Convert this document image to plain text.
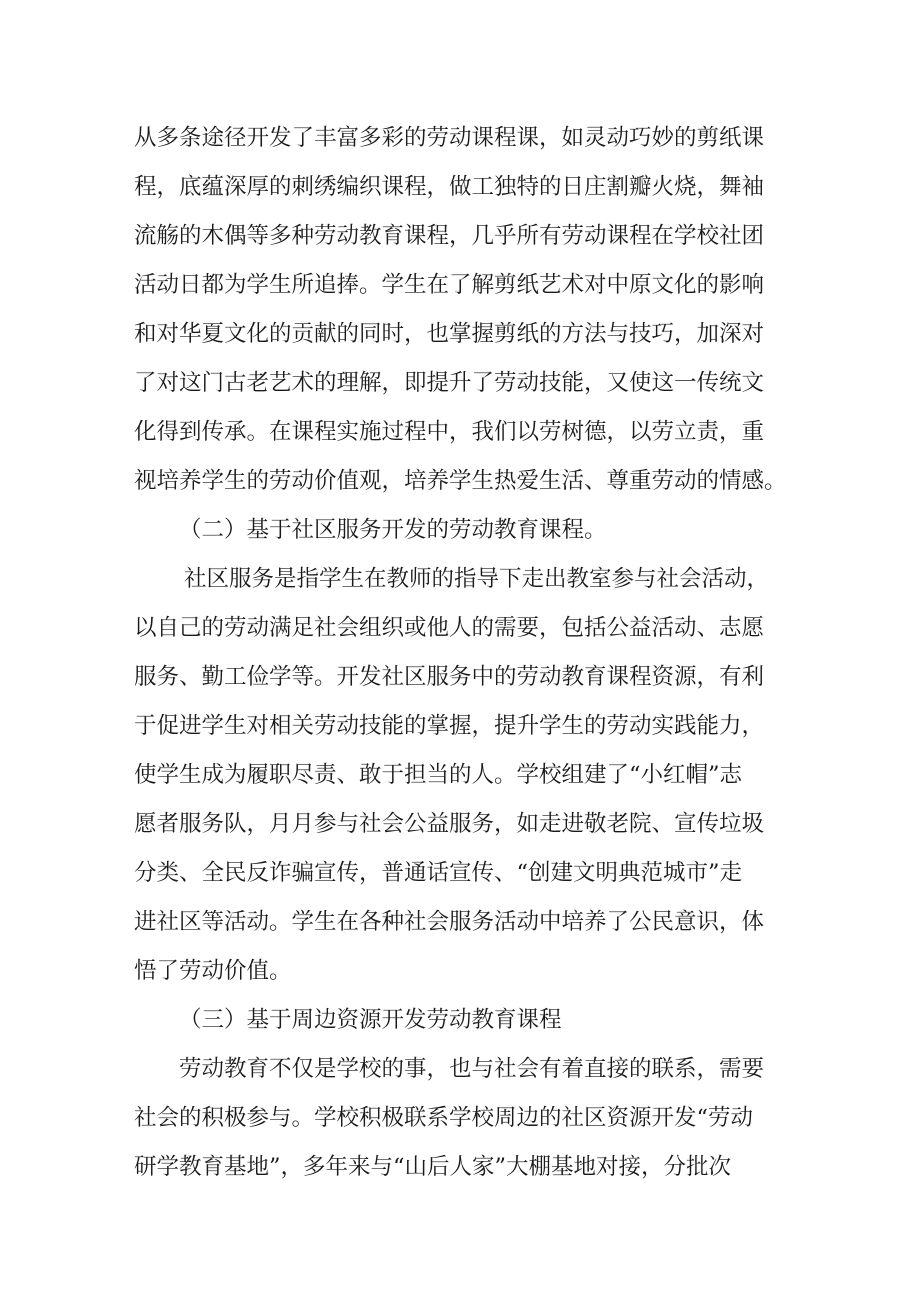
从多条途径开发了丰富多彩的劳动课程课，如灵动巧妙的剪纸课
程，底蕴深厚的刺绣编织课程，做工独特的日庄割瓣火烧，舞袖
流觞的木偶等多种劳动教育课程，几乎所有劳动课程在学校社团
活动日都为学生所追捧。学生在了解剪纸艺术对中原文化的影响
和对华夏文化的贡献的同时，也掌握剪纸的方法与技巧，加深对
了对这门古老艺术的理解，即提升了劳动技能，又使这一传统文
化得到传承。在课程实施过程中，我们以劳树德，以劳立责，重
视培养学生的劳动价值观，培养学生热爱生活、尊重劳动的情感。
（二）基于社区服务开发的劳动教育课程。
社区服务是指学生在教师的指导下走出教室参与社会活动，
以自己的劳动满足社会组织或他人的需要，包括公益活动、志愿
服务、勤工俭学等。开发社区服务中的劳动教育课程资源，有利
于促进学生对相关劳动技能的掌握，提升学生的劳动实践能力，
使学生成为履职尽责、敢于担当的人。学校组建了“小红帽”志
愿者服务队，月月参与社会公益服务，如走进敬老院、宣传垃圾
分类、全民反诈骗宣传，普通话宣传、“创建文明典范城市”走
进社区等活动。学生在各种社会服务活动中培养了公民意识，体
悟了劳动价值。
（三）基于周边资源开发劳动教育课程
劳动教育不仅是学校的事，也与社会有着直接的联系，需要
社会的积极参与。学校积极联系学校周边的社区资源开发“劳动
研学教育基地”，多年来与“山后人家”大棚基地对接，分批次
